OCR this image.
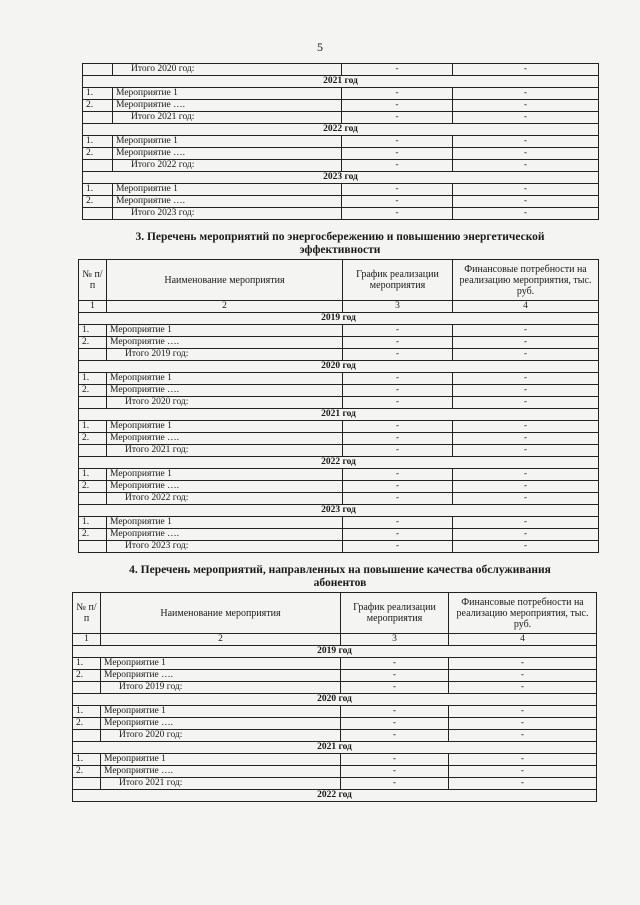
5
	Итого 2020 год:	-	-
2021 год			
1.	Мероприятие 1	-	-
2.	Мероприятие ….	-	-
	Итого 2021 год:	-	-
2022 год			
1.	Мероприятие 1	-	-
2.	Мероприятие ….	-	-
	Итого 2022 год:	-	-
2023 год			
1.	Мероприятие 1	-	-
2.	Мероприятие ….	-	-
	Итого 2023 год:	-	-
3. Перечень мероприятий по энергосбережению и повышению энергетической
эффективности
№ п/п	Наименование мероприятия	График реализации мероприятия	Финансовые потребности на реализацию мероприятия, тыс. руб.
1	2	3	4
2019 год			
1.	Мероприятие 1	-	-
2.	Мероприятие ….	-	-
	Итого 2019 год:	-	-
2020 год			
1.	Мероприятие 1	-	-
2.	Мероприятие ….	-	-
	Итого 2020 год:	-	-
2021 год			
1.	Мероприятие 1	-	-
2.	Мероприятие ….	-	-
	Итого 2021 год:	-	-
2022 год			
1.	Мероприятие 1	-	-
2.	Мероприятие ….	-	-
	Итого 2022 год:	-	-
2023 год			
1.	Мероприятие 1	-	-
2.	Мероприятие ….	-	-
	Итого 2023 год:	-	-
4. Перечень мероприятий, направленных на повышение качества обслуживания
абонентов
№ п/п	Наименование мероприятия	График реализации мероприятия	Финансовые потребности на реализацию мероприятия, тыс. руб.
1	2	3	4
2019 год			
1.	Мероприятие 1	-	-
2.	Мероприятие ….	-	-
	Итого 2019 год:	-	-
2020 год			
1.	Мероприятие 1	-	-
2.	Мероприятие ….	-	-
	Итого 2020 год:	-	-
2021 год			
1.	Мероприятие 1	-	-
2.	Мероприятие ….	-	-
	Итого 2021 год:	-	-
2022 год			
